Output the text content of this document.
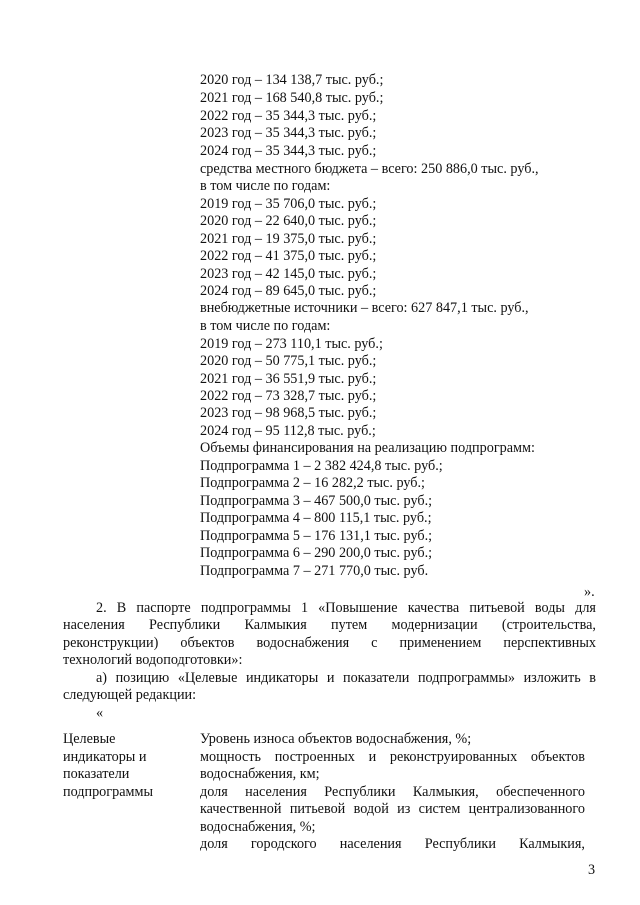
2020 год – 134 138,7 тыс. руб.;
2021 год – 168 540,8 тыс. руб.;
2022 год – 35 344,3 тыс. руб.;
2023 год – 35 344,3 тыс. руб.;
2024 год – 35 344,3 тыс. руб.;
средства местного бюджета – всего: 250 886,0 тыс. руб.,
в том числе по годам:
2019 год – 35 706,0 тыс. руб.;
2020 год – 22 640,0 тыс. руб.;
2021 год – 19 375,0 тыс. руб.;
2022 год – 41 375,0 тыс. руб.;
2023 год – 42 145,0 тыс. руб.;
2024 год – 89 645,0 тыс. руб.;
внебюджетные источники – всего: 627 847,1 тыс. руб.,
в том числе по годам:
2019 год – 273 110,1 тыс. руб.;
2020 год – 50 775,1 тыс. руб.;
2021 год – 36 551,9 тыс. руб.;
2022 год – 73 328,7 тыс. руб.;
2023 год – 98 968,5 тыс. руб.;
2024 год – 95 112,8 тыс. руб.;
Объемы финансирования на реализацию подпрограмм:
Подпрограмма 1 – 2 382 424,8 тыс. руб.;
Подпрограмма 2 – 16 282,2 тыс. руб.;
Подпрограмма 3 – 467 500,0 тыс. руб.;
Подпрограмма 4 – 800 115,1 тыс. руб.;
Подпрограмма 5 – 176 131,1 тыс. руб.;
Подпрограмма 6 – 290 200,0 тыс. руб.;
Подпрограмма 7 – 271 770,0 тыс. руб.
».
2. В паспорте подпрограммы 1 «Повышение качества питьевой воды для
населения Республики Калмыкия путем модернизации (строительства,
реконструкции) объектов водоснабжения с применением перспективных
технологий водоподготовки»:
а) позицию «Целевые индикаторы и показатели подпрограммы» изложить в
следующей редакции:
«
Целевые
индикаторы и
показатели
подпрограммы
Уровень износа объектов водоснабжения, %;
мощность построенных и реконструированных объектов
водоснабжения, км;
доля населения Республики Калмыкия, обеспеченного
качественной питьевой водой из систем централизованного
водоснабжения, %;
доля городского населения Республики Калмыкия,
3
